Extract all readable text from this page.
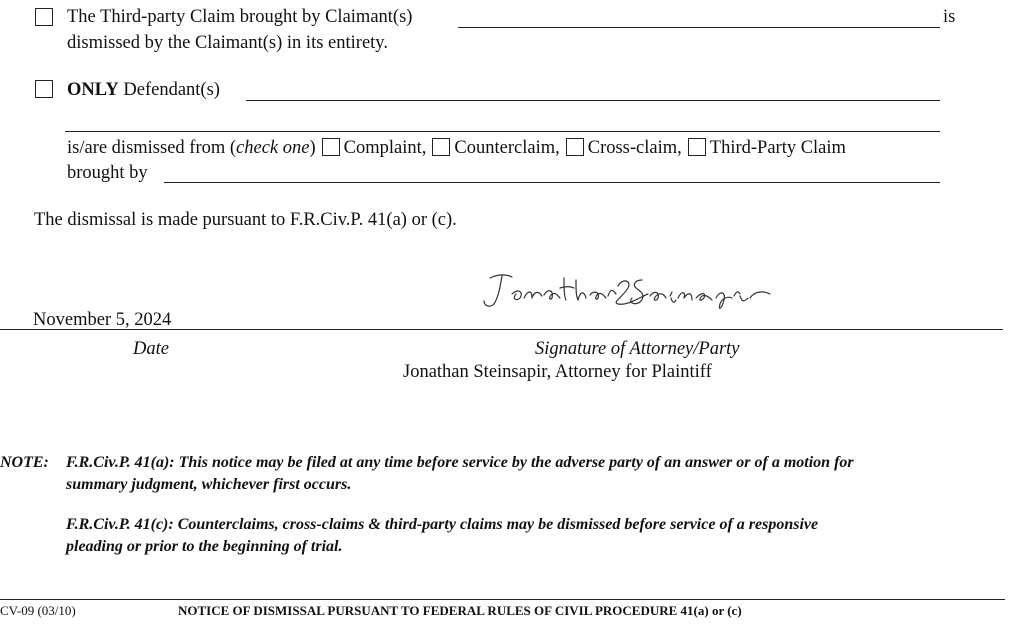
The Third-party Claim brought by Claimant(s)	is
dismissed by the Claimant(s) in its entirety.
ONLY Defendant(s)
is/are dismissed from (check one) Complaint, Counterclaim, Cross-claim, Third-Party Claim
brought by
The dismissal is made pursuant to F.R.Civ.P. 41(a) or (c).
November 5, 2024
Date	Signature of Attorney/Party
Jonathan Steinsapir, Attorney for Plaintiff
NOTE: F.R.Civ.P. 41(a): This notice may be filed at any time before service by the adverse party of an answer or of a motion for
summary judgment, whichever first occurs.
F.R.Civ.P. 41(c): Counterclaims, cross-claims & third-party claims may be dismissed before service of a responsive
pleading or prior to the beginning of trial.
CV-09 (03/10)	NOTICE OF DISMISSAL PURSUANT TO FEDERAL RULES OF CIVIL PROCEDURE 41(a) or (c)
